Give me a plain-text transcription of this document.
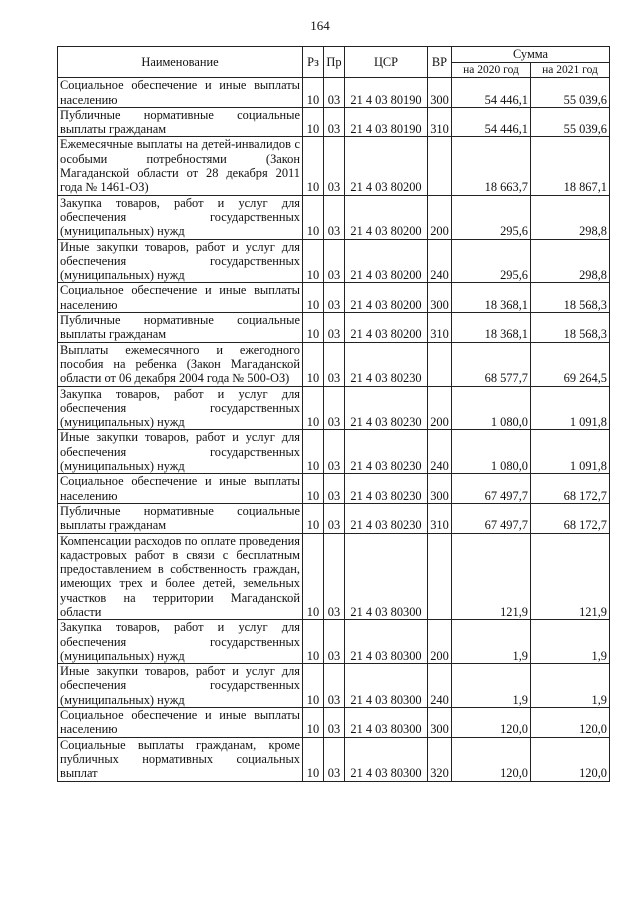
164
Наименование	Рз	Пр	ЦСР	ВР	Сумма	
					на 2020 год	на 2021 год
Социальное обеспечение и иные выплаты населению	10	03	21 4 03 80190	300	54 446,1	55 039,6
Публичные нормативные социальные выплаты гражданам	10	03	21 4 03 80190	310	54 446,1	55 039,6
Ежемесячные выплаты на детей-инвалидов с особыми потребностями (Закон Магаданской области от 28 декабря 2011 года № 1461-ОЗ)	10	03	21 4 03 80200		18 663,7	18 867,1
Закупка товаров, работ и услуг для обеспечения государственных (муниципальных) нужд	10	03	21 4 03 80200	200	295,6	298,8
Иные закупки товаров, работ и услуг для обеспечения государственных (муниципальных) нужд	10	03	21 4 03 80200	240	295,6	298,8
Социальное обеспечение и иные выплаты населению	10	03	21 4 03 80200	300	18 368,1	18 568,3
Публичные нормативные социальные выплаты гражданам	10	03	21 4 03 80200	310	18 368,1	18 568,3
Выплаты ежемесячного и ежегодного пособия на ребенка (Закон Магаданской области от 06 декабря 2004 года № 500-ОЗ)	10	03	21 4 03 80230		68 577,7	69 264,5
Закупка товаров, работ и услуг для обеспечения государственных (муниципальных) нужд	10	03	21 4 03 80230	200	1 080,0	1 091,8
Иные закупки товаров, работ и услуг для обеспечения государственных (муниципальных) нужд	10	03	21 4 03 80230	240	1 080,0	1 091,8
Социальное обеспечение и иные выплаты населению	10	03	21 4 03 80230	300	67 497,7	68 172,7
Публичные нормативные социальные выплаты гражданам	10	03	21 4 03 80230	310	67 497,7	68 172,7
Компенсации расходов по оплате проведения кадастровых работ в связи с бесплатным предоставлением в собственность граждан, имеющих трех и более детей, земельных участков на территории Магаданской области	10	03	21 4 03 80300		121,9	121,9
Закупка товаров, работ и услуг для обеспечения государственных (муниципальных) нужд	10	03	21 4 03 80300	200	1,9	1,9
Иные закупки товаров, работ и услуг для обеспечения государственных (муниципальных) нужд	10	03	21 4 03 80300	240	1,9	1,9
Социальное обеспечение и иные выплаты населению	10	03	21 4 03 80300	300	120,0	120,0
Социальные выплаты гражданам, кроме публичных нормативных социальных выплат	10	03	21 4 03 80300	320	120,0	120,0
